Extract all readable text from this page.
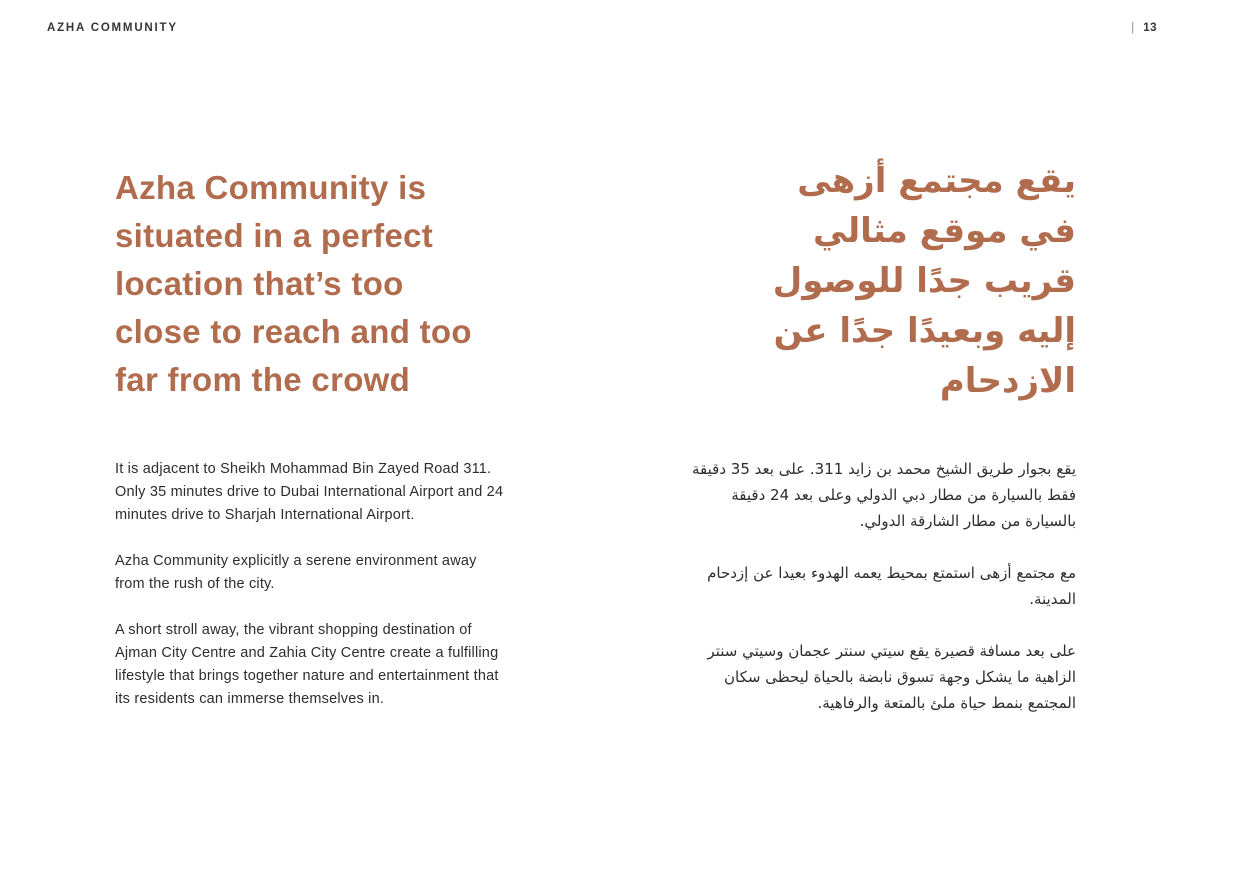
AZHA COMMUNITY	| 13
Azha Community is
situated in a perfect
location that’s too
close to reach and too
far from the crowd

It is adjacent to Sheikh Mohammad Bin Zayed Road 311. Only 35 minutes drive to Dubai International Airport and 24 minutes drive to Sharjah International Airport.

Azha Community explicitly a serene environment away from the rush of the city.

A short stroll away, the vibrant shopping destination of Ajman City Centre and Zahia City Centre create a fulfilling lifestyle that brings together nature and entertainment that its residents can immerse themselves in.

يقع مجتمع أزهى
في موقع مثالي
قريب جدًا للوصول
إليه وبعيدًا جدًا عن
الازدحام

يقع بجوار طريق الشيخ محمد بن زايد 311. على بعد 35 دقيقة فقط بالسيارة من مطار دبي الدولي وعلى بعد 24 دقيقة بالسيارة من مطار الشارقة الدولي.

مع مجتمع أزهى استمتع بمحيط يعمه الهدوء بعيدا عن إزدحام المدينة.

على بعد مسافة قصيرة يقع سيتي سنتر عجمان وسيتي سنتر الزاهية ما يشكل وجهة تسوق نابضة بالحياة ليحظى سكان المجتمع بنمط حياة ملئ بالمتعة والرفاهية.
